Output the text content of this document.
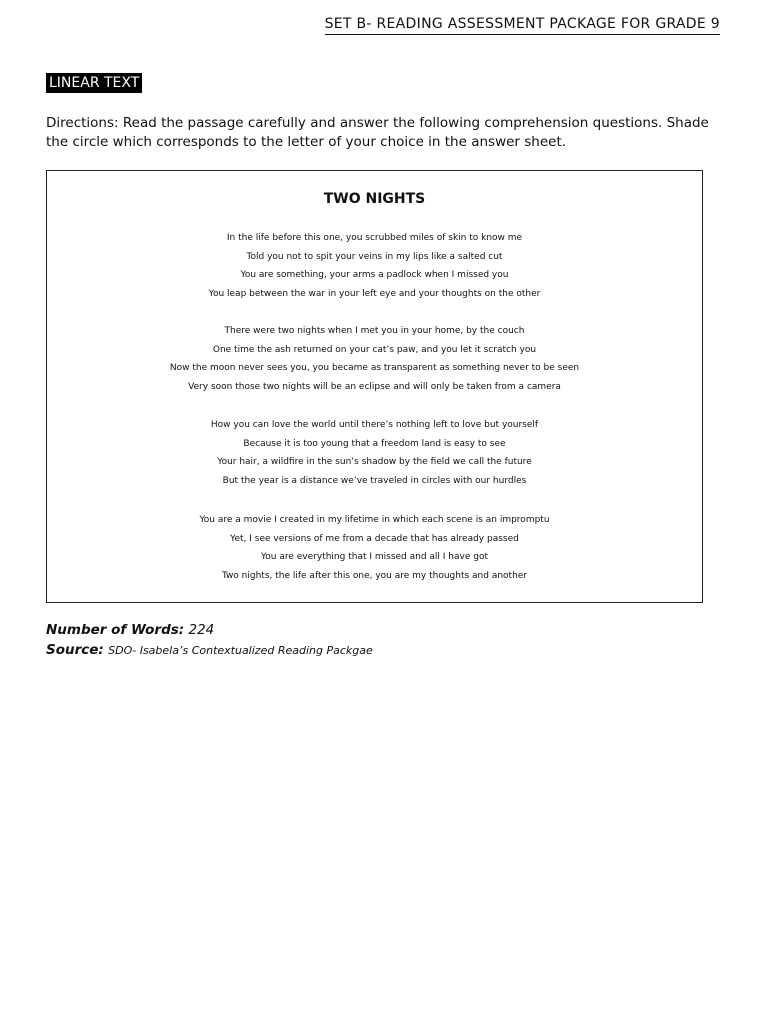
SET B- READING ASSESSMENT PACKAGE FOR GRADE 9
LINEAR TEXT
Directions: Read the passage carefully and answer the following comprehension questions. Shade the circle which corresponds to the letter of your choice in the answer sheet.
TWO NIGHTS
In the life before this one, you scrubbed miles of skin to know me
Told you not to spit your veins in my lips like a salted cut
You are something, your arms a padlock when I missed you
You leap between the war in your left eye and your thoughts on the other
There were two nights when I met you in your home, by the couch
One time the ash returned on your cat’s paw, and you let it scratch you
Now the moon never sees you, you became as transparent as something never to be seen
Very soon those two nights will be an eclipse and will only be taken from a camera
How you can love the world until there’s nothing left to love but yourself
Because it is too young that a freedom land is easy to see
Your hair, a wildfire in the sun’s shadow by the field we call the future
But the year is a distance we’ve traveled in circles with our hurdles
You are a movie I created in my lifetime in which each scene is an impromptu
Yet, I see versions of me from a decade that has already passed
You are everything that I missed and all I have got
Two nights, the life after this one, you are my thoughts and another
Number of Words: 224
Source: SDO- Isabela’s Contextualized Reading Packgae
